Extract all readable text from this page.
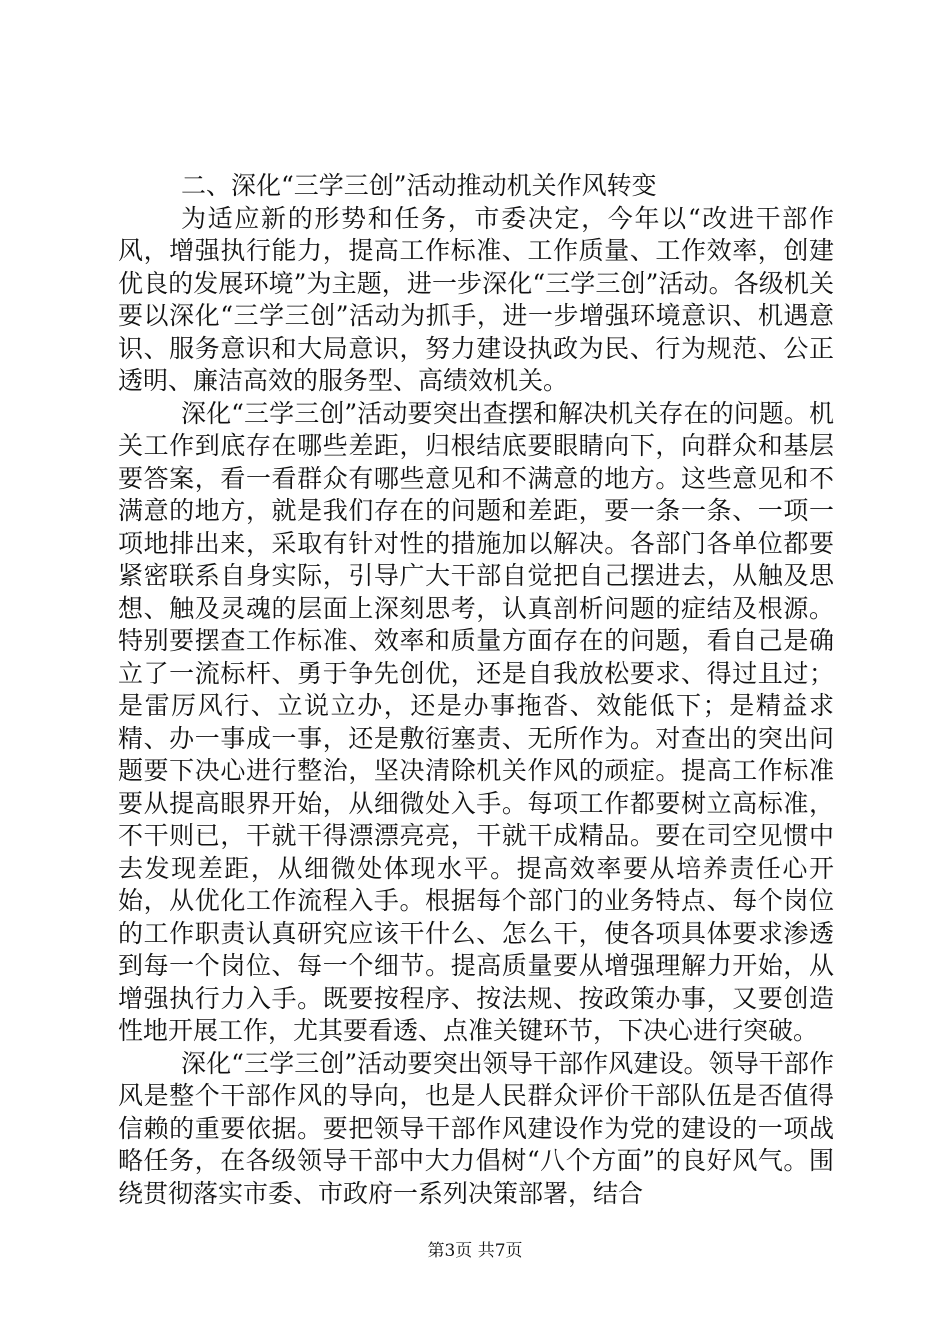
二、深化“三学三创”活动推动机关作风转变

为适应新的形势和任务，市委决定，今年以“改进干部作风，增强执行能力，提高工作标准、工作质量、工作效率，创建优良的发展环境”为主题，进一步深化“三学三创”活动。各级机关要以深化“三学三创”活动为抓手，进一步增强环境意识、机遇意识、服务意识和大局意识，努力建设执政为民、行为规范、公正透明、廉洁高效的服务型、高绩效机关。

深化“三学三创”活动要突出查摆和解决机关存在的问题。机关工作到底存在哪些差距，归根结底要眼睛向下，向群众和基层要答案，看一看群众有哪些意见和不满意的地方。这些意见和不满意的地方，就是我们存在的问题和差距，要一条一条、一项一项地排出来，采取有针对性的措施加以解决。各部门各单位都要紧密联系自身实际，引导广大干部自觉把自己摆进去，从触及思想、触及灵魂的层面上深刻思考，认真剖析问题的症结及根源。特别要摆查工作标准、效率和质量方面存在的问题，看自己是确立了一流标杆、勇于争先创优，还是自我放松要求、得过且过；是雷厉风行、立说立办，还是办事拖沓、效能低下；是精益求精、办一事成一事，还是敷衍塞责、无所作为。对查出的突出问题要下决心进行整治，坚决清除机关作风的顽症。提高工作标准要从提高眼界开始，从细微处入手。每项工作都要树立高标准，不干则已，干就干得漂漂亮亮，干就干成精品。要在司空见惯中去发现差距，从细微处体现水平。提高效率要从培养责任心开始，从优化工作流程入手。根据每个部门的业务特点、每个岗位的工作职责认真研究应该干什么、怎么干，使各项具体要求渗透到每一个岗位、每一个细节。提高质量要从增强理解力开始，从增强执行力入手。既要按程序、按法规、按政策办事，又要创造性地开展工作，尤其要看透、点准关键环节，下决心进行突破。

深化“三学三创”活动要突出领导干部作风建设。领导干部作风是整个干部作风的导向，也是人民群众评价干部队伍是否值得信赖的重要依据。要把领导干部作风建设作为党的建设的一项战略任务，在各级领导干部中大力倡树“八个方面”的良好风气。围绕贯彻落实市委、市政府一系列决策部署，结合

第3页 共7页
